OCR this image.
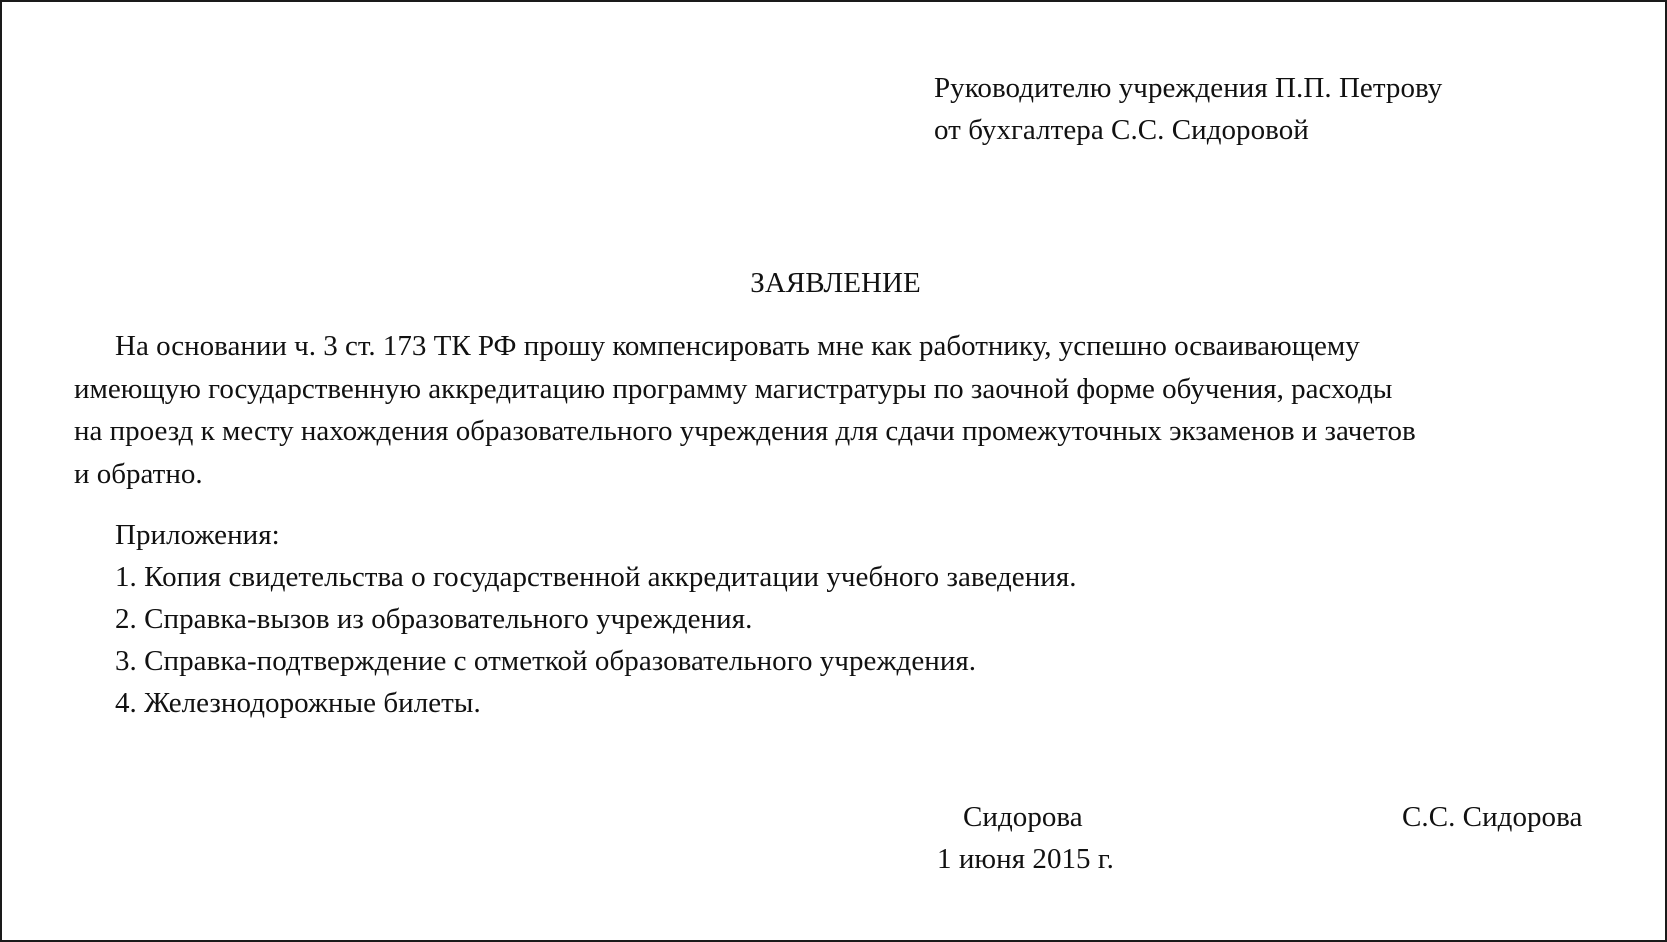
Руководителю учреждения П.П. Петрову
от бухгалтера С.С. Сидоровой
ЗАЯВЛЕНИЕ
На основании ч. 3 ст. 173 ТК РФ прошу компенсировать мне как работнику, успешно осваивающему
имеющую государственную аккредитацию программу магистратуры по заочной форме обучения, расходы
на проезд к месту нахождения образовательного учреждения для сдачи промежуточных экзаменов и зачетов
и обратно.
Приложения:
1. Копия свидетельства о государственной аккредитации учебного заведения.
2. Справка-вызов из образовательного учреждения.
3. Справка-подтверждение с отметкой образовательного учреждения.
4. Железнодорожные билеты.
Сидорова
1 июня 2015 г.
С.С. Сидорова
